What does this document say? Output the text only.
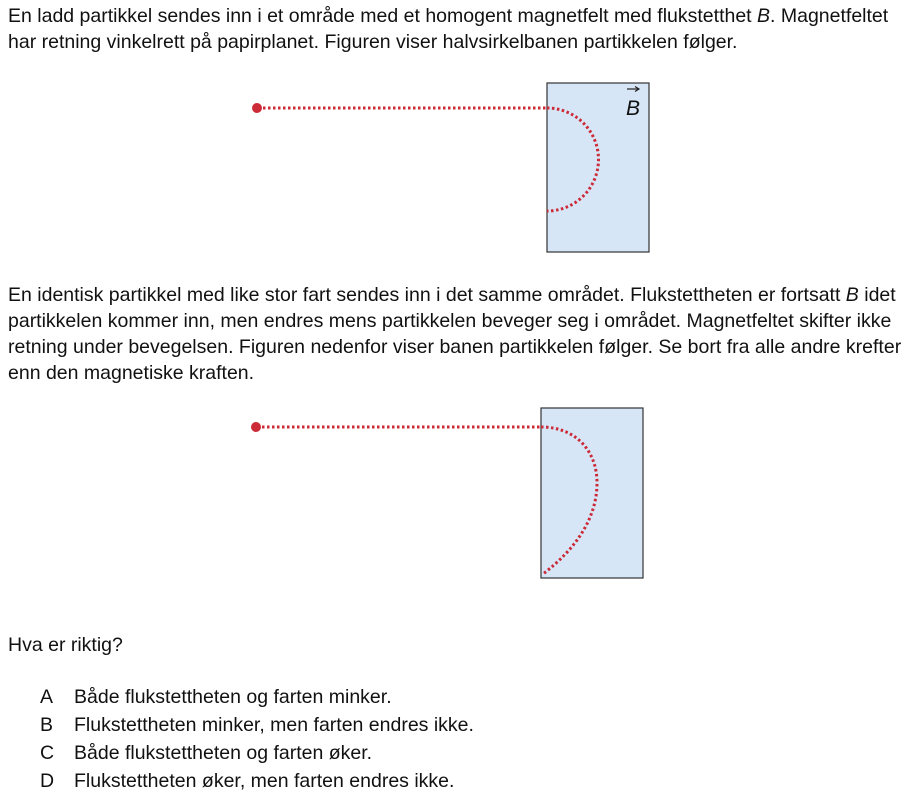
En ladd partikkel sendes inn i et område med et homogent magnetfelt med flukstetthet B. Magnetfeltet har retning vinkelrett på papirplanet. Figuren viser halvsirkelbanen partikkelen følger.

B

En identisk partikkel med like stor fart sendes inn i det samme området. Flukstettheten er fortsatt B idet partikkelen kommer inn, men endres mens partikkelen beveger seg i området. Magnetfeltet skifter ikke retning under bevegelsen. Figuren nedenfor viser banen partikkelen følger. Se bort fra alle andre krefter enn den magnetiske kraften.

Hva er riktig?

A	Både flukstettheten og farten minker.
B	Flukstettheten minker, men farten endres ikke.
C	Både flukstettheten og farten øker.
D	Flukstettheten øker, men farten endres ikke.
